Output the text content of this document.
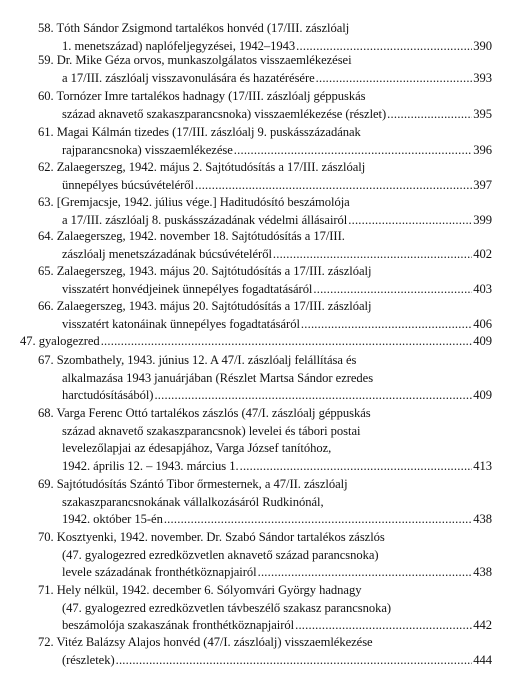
58. Tóth Sándor Zsigmond tartalékos honvéd (17/III. zászlóalj
1. menetszázad) naplófeljegyzései, 1942–1943 .....	390
59. Dr. Mike Géza orvos, munkaszolgálatos visszaemlékezései
a 17/III. zászlóalj visszavonulására és hazatérésére .....	393
60. Tornózer Imre tartalékos hadnagy (17/III. zászlóalj géppuskás
század aknavető szakaszparancsnoka) visszaemlékezése (részlet) .....	395
61. Magai Kálmán tizedes (17/III. zászlóalj 9. puskásszázadának
rajparancsnoka) visszaemlékezése .....	396
62. Zalaegerszeg, 1942. május 2. Sajtótudósítás a 17/III. zászlóalj
ünnepélyes búcsúvételéről .....	397
63. [Gremjacsje, 1942. július vége.] Haditudósító beszámolója
a 17/III. zászlóalj 8. puskásszázadának védelmi állásairól .....	399
64. Zalaegerszeg, 1942. november 18. Sajtótudósítás a 17/III.
zászlóalj menetszázadának búcsúvételéről .....	402
65. Zalaegerszeg, 1943. május 20. Sajtótudósítás a 17/III. zászlóalj
visszatért honvédjeinek ünnepélyes fogadtatásáról .....	403
66. Zalaegerszeg, 1943. május 20. Sajtótudósítás a 17/III. zászlóalj
visszatért katonáinak ünnepélyes fogadtatásáról .....	406
47. gyalogezred .....	409
67. Szombathely, 1943. június 12. A 47/I. zászlóalj felállítása és
alkalmazása 1943 januárjában (Részlet Martsa Sándor ezredes
harctudósításából) .....	409
68. Varga Ferenc Ottó tartalékos zászlós (47/I. zászlóalj géppuskás
század aknavető szakaszparancsnok) levelei és tábori postai
levelezőlapjai az édesapjához, Varga József tanítóhoz,
1942. április 12. – 1943. március 1. .....	413
69. Sajtótudósítás Szántó Tibor őrmesternek, a 47/II. zászlóalj
szakaszparancsnokának vállalkozásáról Rudkinónál,
1942. október 15-én .....	438
70. Kosztyenki, 1942. november. Dr. Szabó Sándor tartalékos zászlós
(47. gyalogezred ezredközvetlen aknavető század parancsnoka)
levele századának fronthétköznapjairól .....	438
71. Hely nélkül, 1942. december 6. Sólyomvári György hadnagy
(47. gyalogezred ezredközvetlen távbeszélő szakasz parancsnoka)
beszámolója szakaszának fronthétköznapjairól .....	442
72. Vitéz Balázsy Alajos honvéd (47/I. zászlóalj) visszaemlékezése
(részletek) .....	444
